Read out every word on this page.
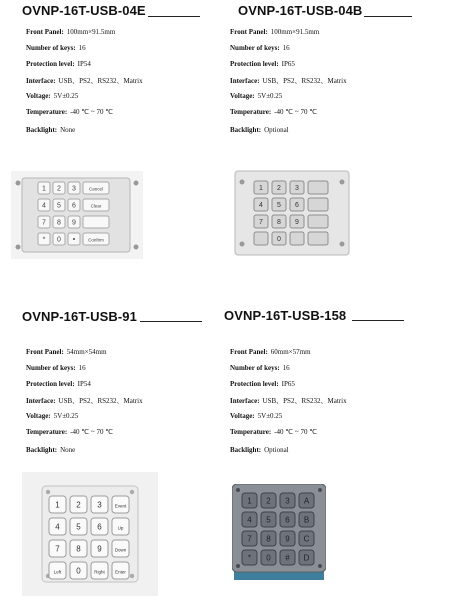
OVNP-16T-USB-04E
Front Panel: 100mm×91.5mm
Number of keys: 16
Protection level: IP54
Interface: USB、PS2、RS232、Matrix
Voltage: 5V±0.25
Temperature: -40 ℃ ~ 70 ℃
Backlight: None
1 2 3	Cancel
4 5 6	Clear
7 8 9
* 0 •	Confirm
OVNP-16T-USB-04B
Front Panel: 100mm×91.5mm
Number of keys: 16
Protection level: IP65
Interface: USB、PS2、RS232、Matrix
Voltage: 5V±0.25
Temperature: -40 ℃ ~ 70 ℃
Backlight: Optional
1 2 3
4 5 6
7 8 9
0
OVNP-16T-USB-91
Front Panel: 54mm×54mm
Number of keys: 16
Protection level: IP54
Interface: USB、PS2、RS232、Matrix
Voltage: 5V±0.25
Temperature: -40 ℃ ~ 70 ℃
Backlight: None
1 2 3	Event
4 5 6	Up
7 8 9	Down
Left 0	Right Enter
OVNP-16T-USB-158
Front Panel: 60mm×57mm
Number of keys: 16
Protection level: IP65
Interface: USB、PS2、RS232、Matrix
Voltage: 5V±0.25
Temperature: -40 ℃ ~ 70 ℃
Backlight: Optional
1 2 3 A
4 5 6 B
7 8 9 C
* 0 # D
